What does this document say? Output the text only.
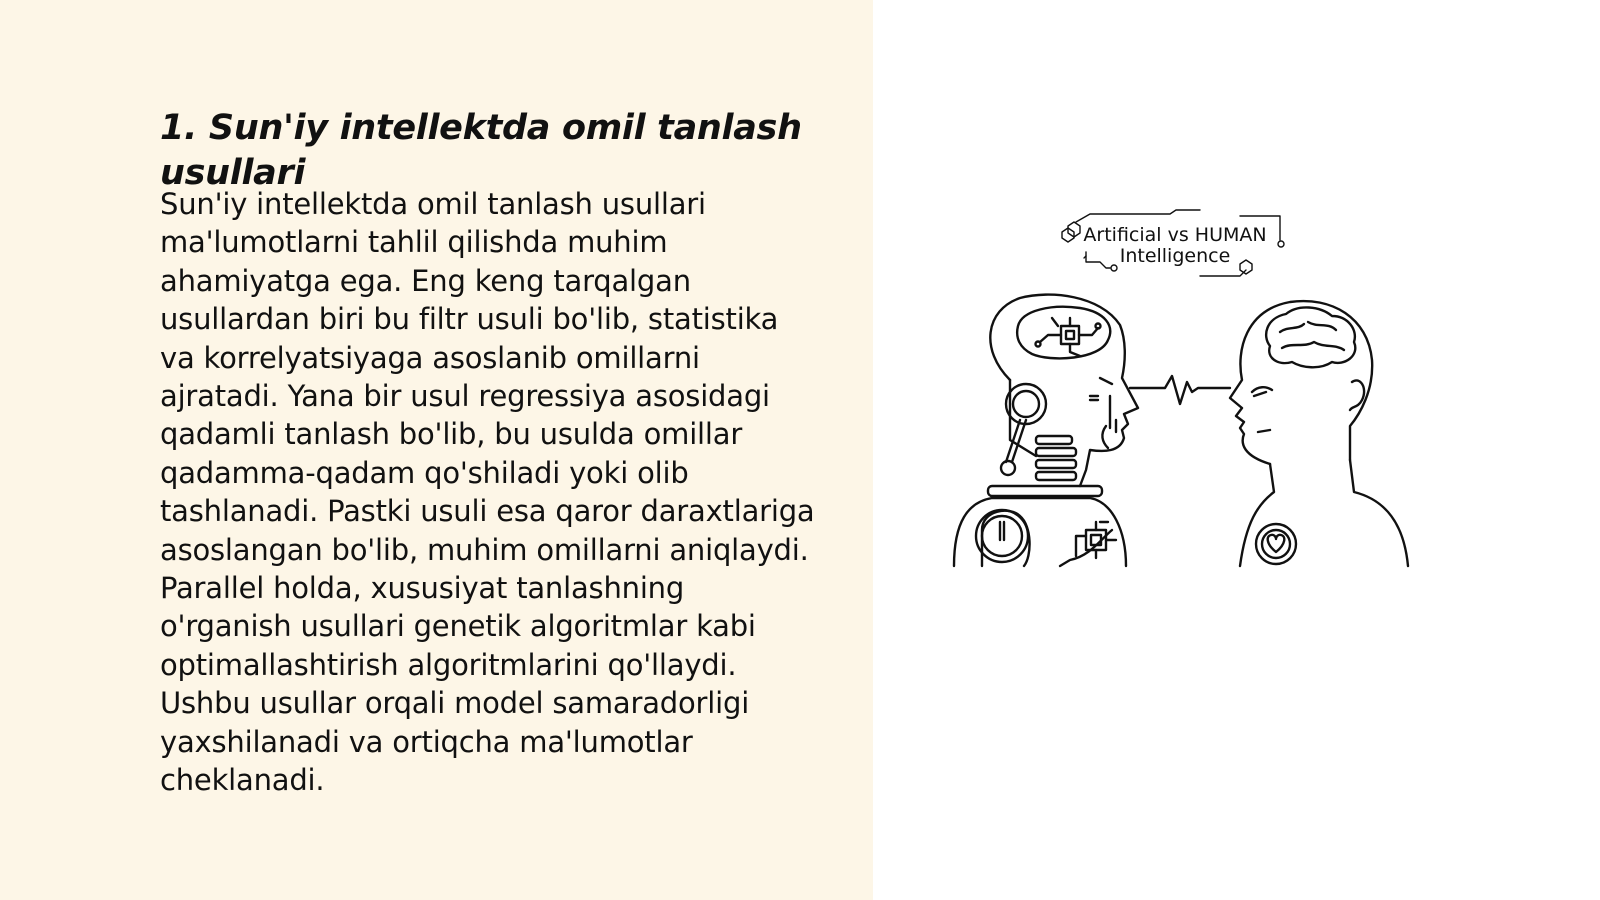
1. Sun'iy intellektda omil tanlash usullari

Sun'iy intellektda omil tanlash usullari ma'lumotlarni tahlil qilishda muhim ahamiyatga ega. Eng keng tarqalgan usullardan biri bu filtr usuli bo'lib, statistika va korrelyatsiyaga asoslanib omillarni ajratadi. Yana bir usul regressiya asosidagi qadamli tanlash bo'lib, bu usulda omillar qadamma-qadam qo'shiladi yoki olib tashlanadi. Pastki usuli esa qaror daraxtlariga asoslangan bo'lib, muhim omillarni aniqlaydi. Parallel holda, xususiyat tanlashning o'rganish usullari genetik algoritmlar kabi optimallashtirish algoritmlarini qo'llaydi. Ushbu usullar orqali model samaradorligi yaxshilanadi va ortiqcha ma'lumotlar cheklanadi.

Artificial vs HUMAN
Intelligence
